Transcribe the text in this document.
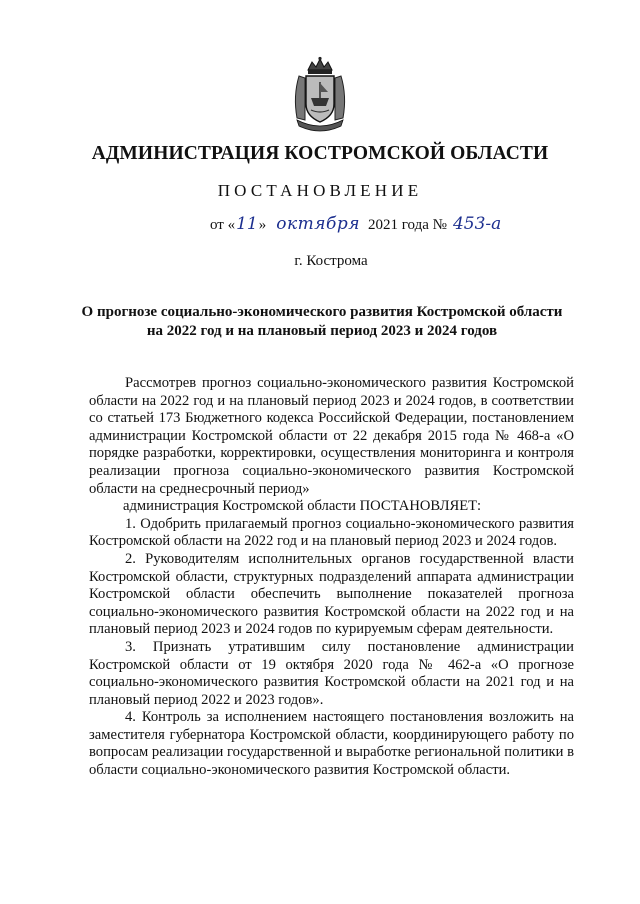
АДМИНИСТРАЦИЯ КОСТРОМСКОЙ ОБЛАСТИ
ПОСТАНОВЛЕНИЕ
от «11» октября 2021 года № 453-а
г. Кострома
О прогнозе социально-экономического развития Костромской области
на 2022 год и на плановый период 2023 и 2024 годов

Рассмотрев прогноз социально-экономического развития Костромской области на 2022 год и на плановый период 2023 и 2024 годов, в соответствии со статьей 173 Бюджетного кодекса Российской Федерации, постановлением администрации Костромской области от 22 декабря 2015 года № 468-а «О порядке разработки, корректировки, осуществления мониторинга и контроля реализации прогноза социально-экономического развития Костромской области на среднесрочный период»

администрация Костромской области ПОСТАНОВЛЯЕТ:

1. Одобрить прилагаемый прогноз социально-экономического развития Костромской области на 2022 год и на плановый период 2023 и 2024 годов.

2. Руководителям исполнительных органов государственной власти Костромской области, структурных подразделений аппарата администрации Костромской области обеспечить выполнение показателей прогноза социально-экономического развития Костромской области на 2022 год и на плановый период 2023 и 2024 годов по курируемым сферам деятельности.

3. Признать утратившим силу постановление администрации Костромской области от 19 октября 2020 года № 462-а «О прогнозе социально-экономического развития Костромской области на 2021 год и на плановый период 2022 и 2023 годов».

4. Контроль за исполнением настоящего постановления возложить на заместителя губернатора Костромской области, координирующего работу по вопросам реализации государственной и выработке региональной политики в области социально-экономического развития Костромской области.
